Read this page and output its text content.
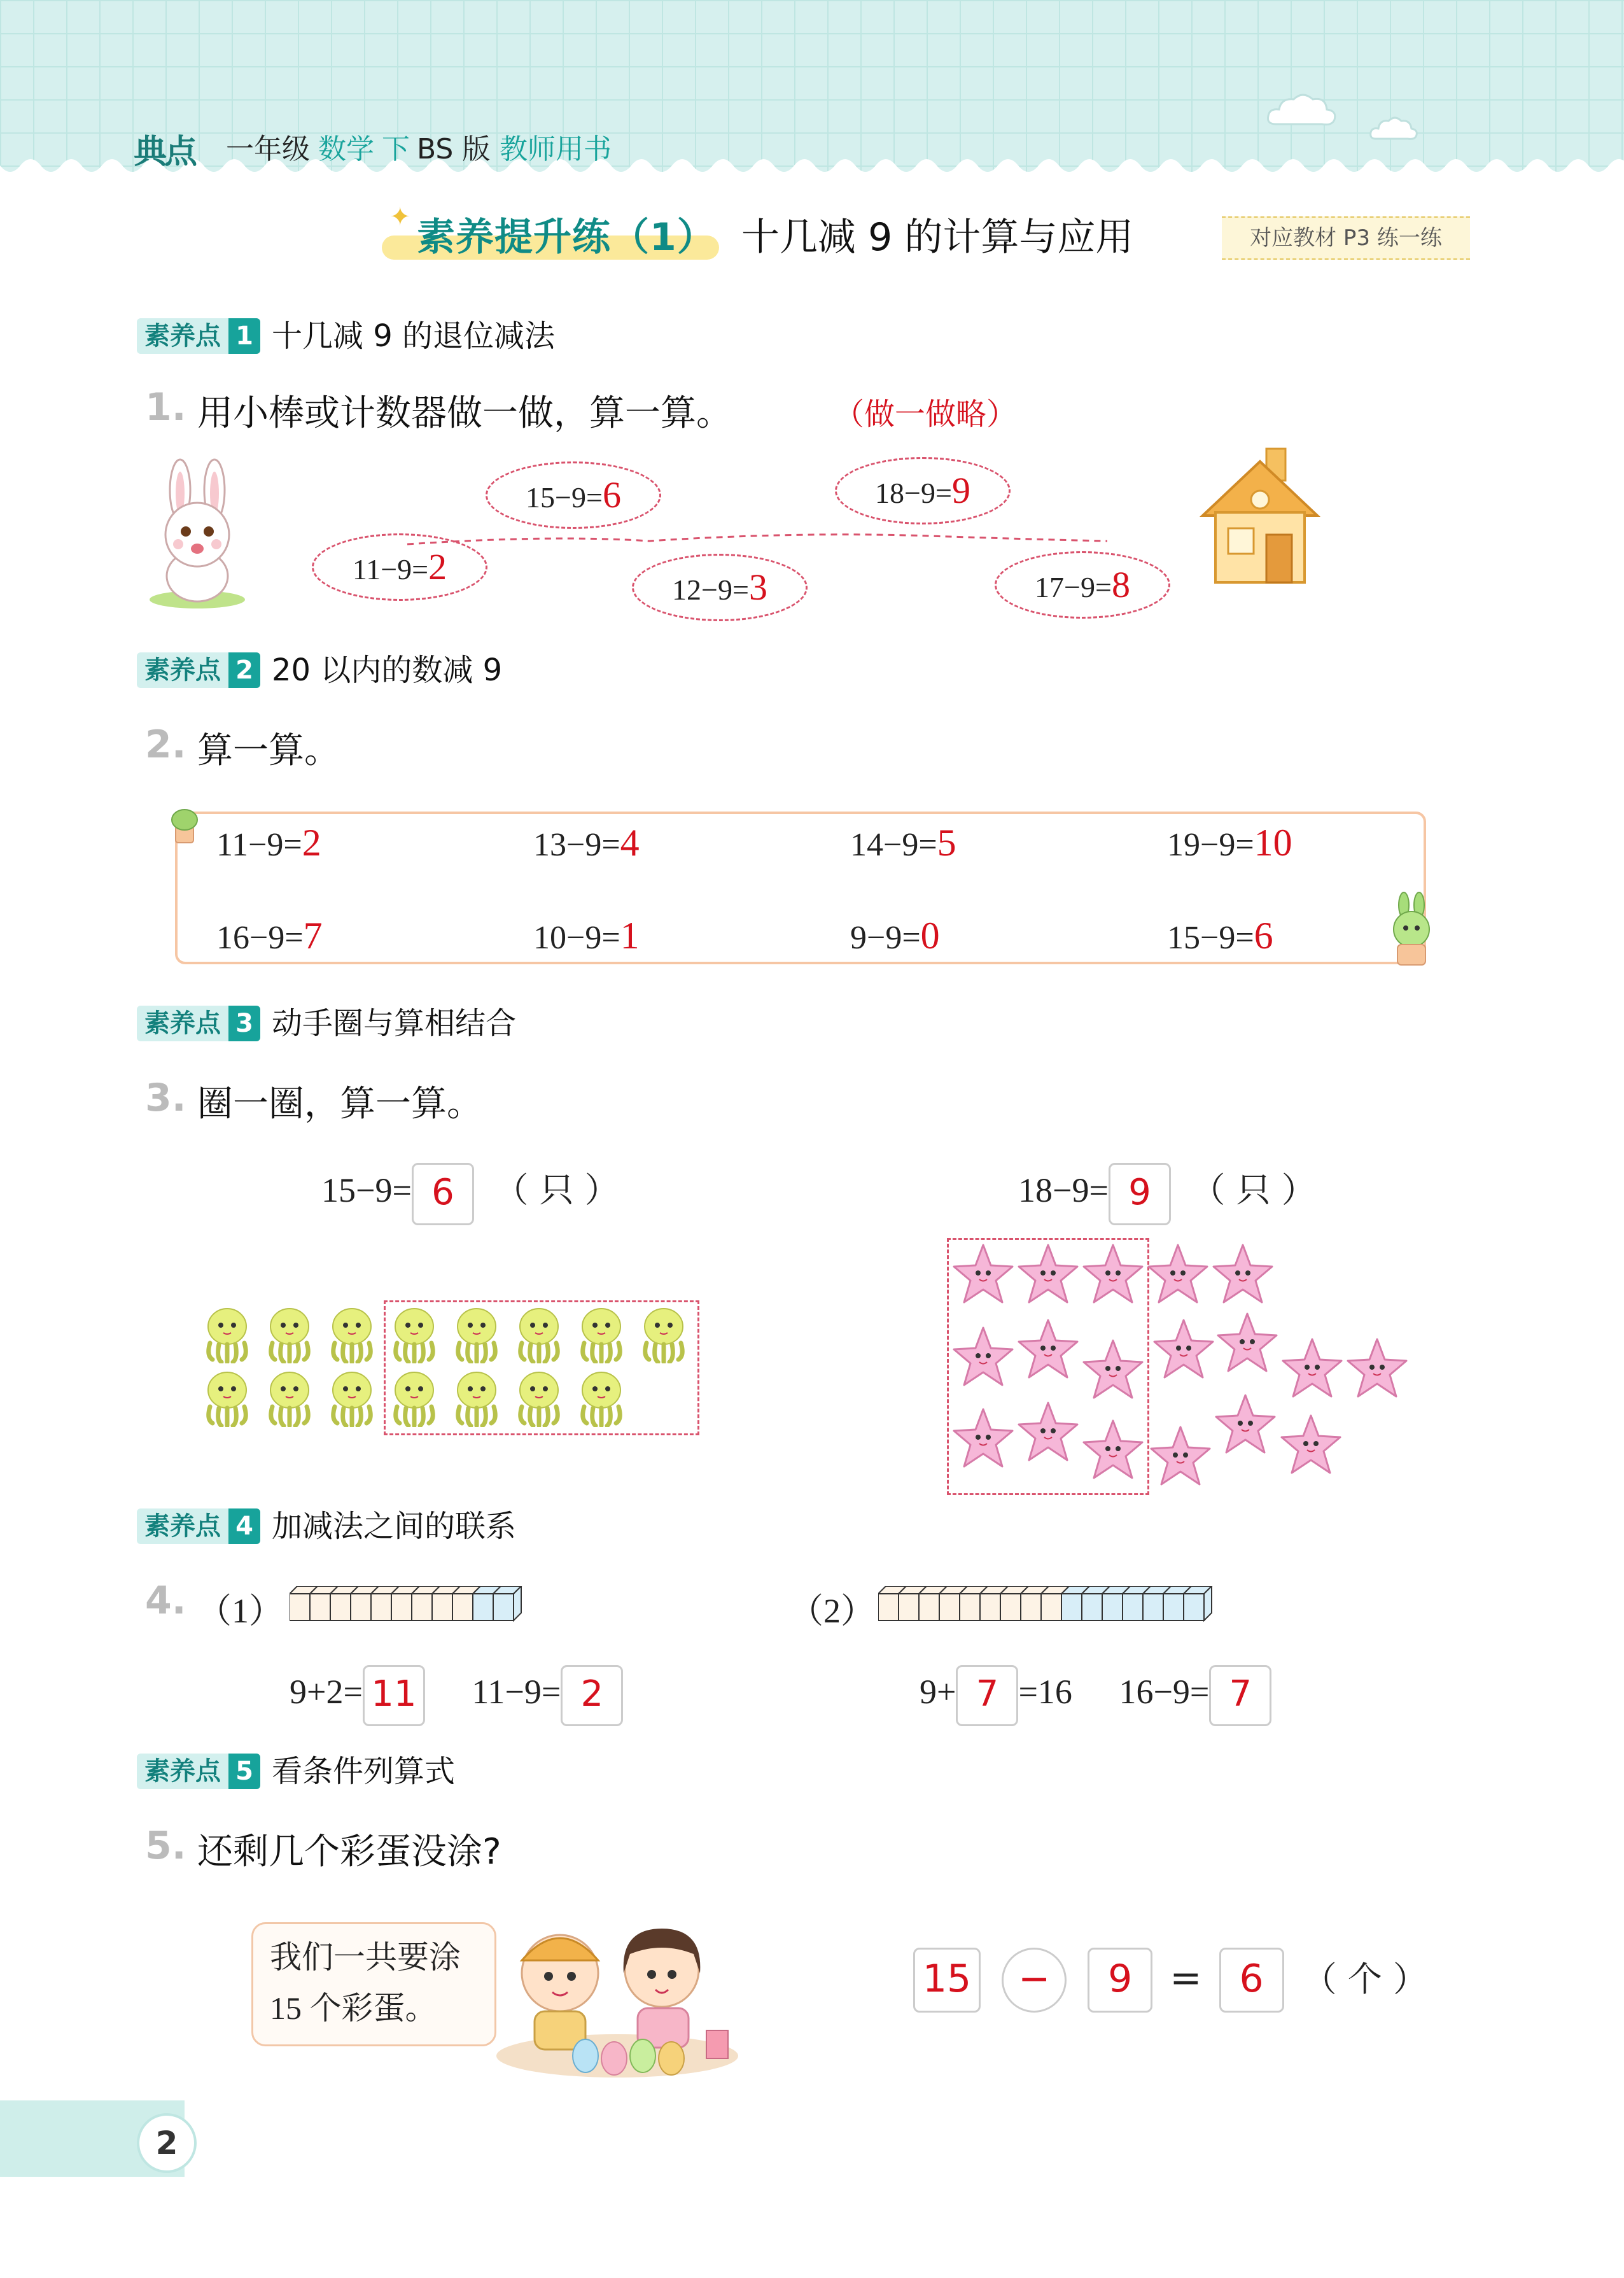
典点 一年级 数学 下 BS 版 教师用书
✦ 素养提升练（1） 十几减 9 的计算与应用	对应教材 P3 练一练
素养点 1 十几减 9 的退位减法
1. 用小棒或计数器做一做，算一算。	（做一做略）
15−9=6	18−9=9
11−9=2
12−9=3	17−9=8
素养点 2 20 以内的数减 9
2. 算一算。
11−9=2	13−9=4	14−9=5	19−9=10
16−9=7	10−9=1	9−9=0	15−9=6
素养点 3 动手圈与算相结合
3. 圈一圈，算一算。
15−9= 6 （ 只 ）	18−9= 9 （ 只 ）
素养点 4 加减法之间的联系
4. （1）	（2）
9+2= 11 11−9= 2	9+ 7 =16 16−9= 7
素养点 5 看条件列算式
5. 还剩几个彩蛋没涂?
我们一共要涂
15 个彩蛋。
15 − 9 = 6 （ 个 ）
2
